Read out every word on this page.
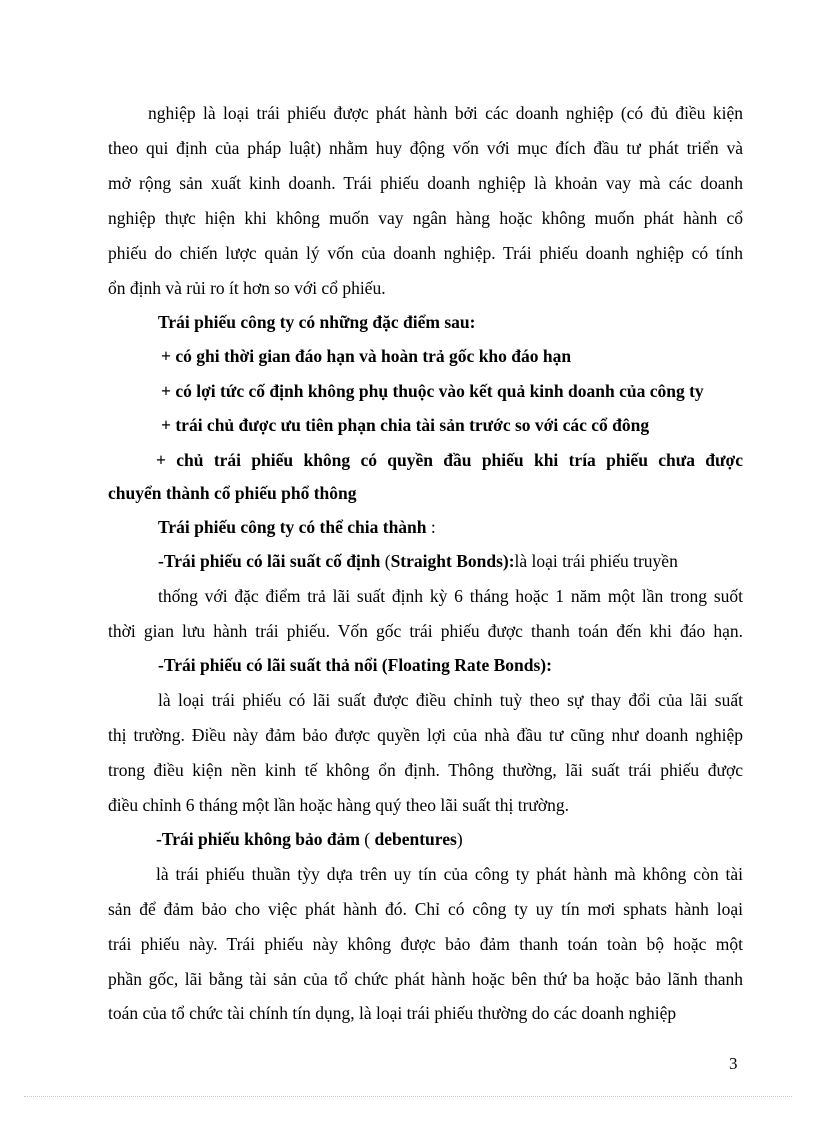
nghiệp là loại trái phiếu được phát hành bởi các doanh nghiệp (có đủ điều kiện
theo qui định của pháp luật) nhằm huy động vốn với mục đích đầu tư phát triển và
mở rộng sản xuất kinh doanh. Trái phiếu doanh nghiệp là khoản vay mà các doanh
nghiệp thực hiện khi không muốn vay ngân hàng hoặc không muốn phát hành cổ
phiếu do chiến lược quản lý vốn của doanh nghiệp. Trái phiếu doanh nghiệp có tính
ổn định và rủi ro ít hơn so với cổ phiếu.
Trái phiếu công ty có những đặc điểm sau:
+ có ghi thời gian đáo hạn và hoàn trả gốc kho đáo hạn
+ có lợi tức cố định không phụ thuộc vào kết quả kinh doanh của công ty
+ trái chủ được ưu tiên phạn chia tài sản trước so với các cổ đông
+ chủ trái phiếu không có quyền đầu phiếu khi tría phiếu chưa được
chuyển thành cổ phiếu phổ thông
Trái phiếu công ty có thể chia thành :
-Trái phiếu có lãi suất cố định (Straight Bonds):là loại trái phiếu truyền
thống với đặc điểm trả lãi suất định kỳ 6 tháng hoặc 1 năm một lần trong suốt
thời gian lưu hành trái phiếu. Vốn gốc trái phiếu được thanh toán đến khi đáo hạn.
-Trái phiếu có lãi suất thả nổi (Floating Rate Bonds):
là loại trái phiếu có lãi suất được điều chỉnh tuỳ theo sự thay đổi của lãi suất
thị trường. Điều này đảm bảo được quyền lợi của nhà đầu tư cũng như doanh nghiệp
trong điều kiện nền kinh tế không ổn định. Thông thường, lãi suất trái phiếu được
điều chỉnh 6 tháng một lần hoặc hàng quý theo lãi suất thị trường.
-Trái phiếu không bảo đảm ( debentures)
là trái phiếu thuần tỳy dựa trên uy tín của công ty phát hành mà không còn tài
sản để đảm bảo cho việc phát hành đó. Chỉ có công ty uy tín mơi sphats hành loại
trái phiếu này. Trái phiếu này không được bảo đảm thanh toán toàn bộ hoặc một
phần gốc, lãi bằng tài sản của tổ chức phát hành hoặc bên thứ ba hoặc bảo lãnh thanh
toán của tổ chức tài chính tín dụng, là loại trái phiếu thường do các doanh nghiệp
3
